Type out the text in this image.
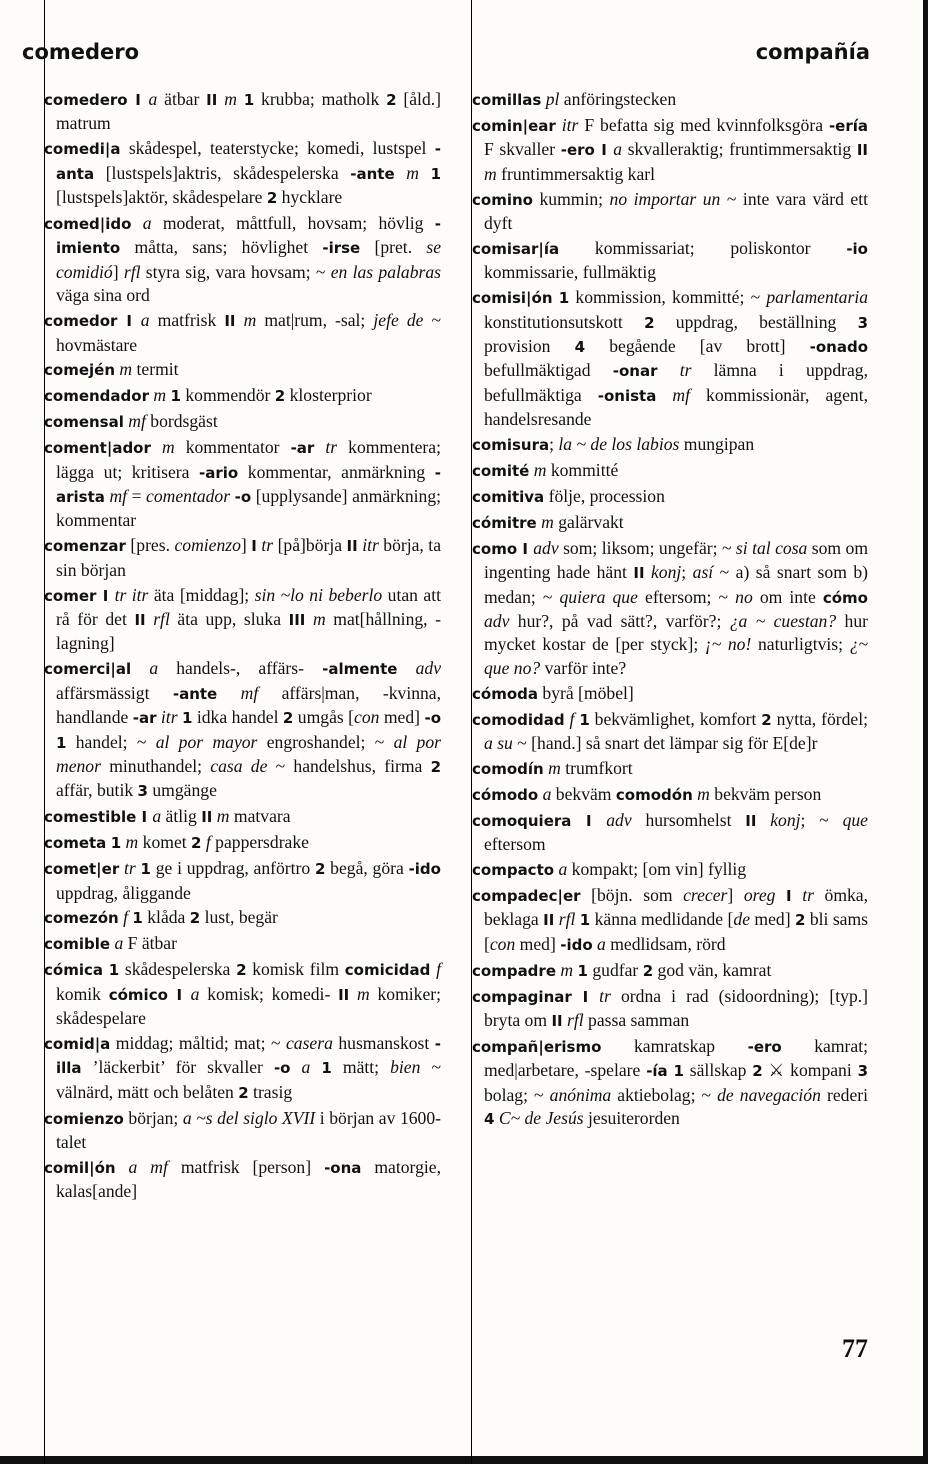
comedero	compañía

comedero I a ätbar II m 1 krubba; matholk 2 [åld.] matrum

comedi|a skådespel, teaterstycke; komedi, lustspel -anta [lustspels]aktris, skådespelerska -ante m 1 [lustspels]aktör, skådespelare 2 hycklare

comed|ido a moderat, måttfull, hovsam; hövlig -imiento måtta, sans; hövlighet -irse [pret. se comidió] rfl styra sig, vara hovsam; ~ en las palabras väga sina ord

comedor I a matfrisk II m mat|rum, -sal; jefe de ~ hovmästare

comején m termit

comendador m 1 kommendör 2 klosterprior

comensal mf bordsgäst

coment|ador m kommentator -ar tr kommentera; lägga ut; kritisera -ario kommentar, anmärkning -arista mf = comentador -o [upplysande] anmärkning; kommentar

comenzar [pres. comienzo] I tr [på]börja II itr börja, ta sin början

comer I tr itr äta [middag]; sin ~lo ni beberlo utan att rå för det II rfl äta upp, sluka III m mat[hållning, -lagning]

comerci|al a handels-, affärs- -almente adv affärsmässigt -ante mf affärs|man, -kvinna, handlande -ar itr 1 idka handel 2 umgås [con med] -o 1 handel; ~ al por mayor engroshandel; ~ al por menor minuthandel; casa de ~ handelshus, firma 2 affär, butik 3 umgänge

comestible I a ätlig II m matvara

cometa 1 m komet 2 f pappersdrake

comet|er tr 1 ge i uppdrag, anförtro 2 begå, göra -ido uppdrag, åliggande

comezón f 1 klåda 2 lust, begär

comible a F ätbar

cómica 1 skådespelerska 2 komisk film comicidad f komik cómico I a komisk; komedi- II m komiker; skådespelare

comid|a middag; måltid; mat; ~ casera husmanskost -illa ’läckerbit’ för skvaller -o a 1 mätt; bien ~ välnärd, mätt och belåten 2 trasig

comienzo början; a ~s del siglo XVII i början av 1600-talet

comil|ón a mf matfrisk [person] -ona matorgie, kalas[ande]

comillas pl anföringstecken

comin|ear itr F befatta sig med kvinnfolksgöra -ería F skvaller -ero I a skvalleraktig; fruntimmersaktig II m fruntimmersaktig karl

comino kummin; no importar un ~ inte vara värd ett dyft

comisar|ía kommissariat; poliskontor -io kommissarie, fullmäktig

comisi|ón 1 kommission, kommitté; ~ parlamentaria konstitutionsutskott 2 uppdrag, beställning 3 provision 4 begående [av brott] -onado befullmäktigad -onar tr lämna i uppdrag, befullmäktiga -onista mf kommissionär, agent, handelsresande

comisura; la ~ de los labios mungipan

comité m kommitté

comitiva följe, procession

cómitre m galärvakt

como I adv som; liksom; ungefär; ~ si tal cosa som om ingenting hade hänt II konj; así ~ a) så snart som b) medan; ~ quiera que eftersom; ~ no om inte cómo adv hur?, på vad sätt?, varför?; ¿a ~ cuestan? hur mycket kostar de [per styck]; ¡~ no! naturligtvis; ¿~ que no? varför inte?

cómoda byrå [möbel]

comodidad f 1 bekvämlighet, komfort 2 nytta, fördel; a su ~ [hand.] så snart det lämpar sig för E[de]r

comodín m trumfkort

cómodo a bekväm comodón m bekväm person

comoquiera I adv hursomhelst II konj; ~ que eftersom

compacto a kompakt; [om vin] fyllig

compadec|er [böjn. som crecer] oreg I tr ömka, beklaga II rfl 1 känna medlidande [de med] 2 bli sams [con med] -ido a medlidsam, rörd

compadre m 1 gudfar 2 god vän, kamrat

compaginar I tr ordna i rad (sidoordning); [typ.] bryta om II rfl passa samman

compañ|erismo kamratskap -ero kamrat; med|arbetare, -spelare -ía 1 sällskap 2 ⚔ kompani 3 bolag; ~ anónima aktiebolag; ~ de navegación rederi 4 C~ de Jesús jesuiterorden

77
